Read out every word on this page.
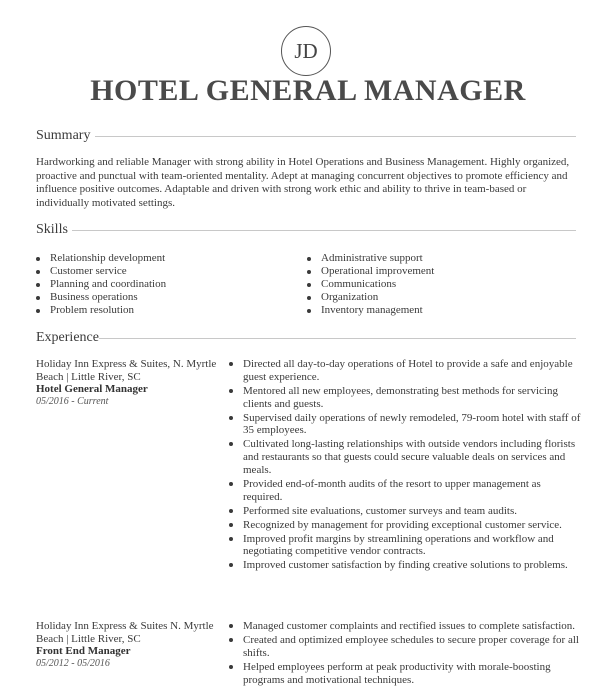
JD
HOTEL GENERAL MANAGER
Summary
Hardworking and reliable Manager with strong ability in Hotel Operations and Business Management. Highly organized, proactive and punctual with team-oriented mentality. Adept at managing concurrent objectives to promote efficiency and influence positive outcomes. Adaptable and driven with strong work ethic and ability to thrive in team-based or individually motivated settings.
Skills
Relationship development
Customer service
Planning and coordination
Business operations
Problem resolution
Administrative support
Operational improvement
Communications
Organization
Inventory management
Experience
Holiday Inn Express & Suites, N. Myrtle Beach | Little River, SC
Hotel General Manager
05/2016 - Current
Directed all day-to-day operations of Hotel to provide a safe and enjoyable guest experience.
Mentored all new employees, demonstrating best methods for servicing clients and guests.
Supervised daily operations of newly remodeled, 79-room hotel with staff of 35 employees.
Cultivated long-lasting relationships with outside vendors including florists and restaurants so that guests could secure valuable deals on services and meals.
Provided end-of-month audits of the resort to upper management as required.
Performed site evaluations, customer surveys and team audits.
Recognized by management for providing exceptional customer service.
Improved profit margins by streamlining operations and workflow and negotiating competitive vendor contracts.
Improved customer satisfaction by finding creative solutions to problems.
Holiday Inn Express & Suites N. Myrtle Beach | Little River, SC
Front End Manager
05/2012 - 05/2016
Managed customer complaints and rectified issues to complete satisfaction.
Created and optimized employee schedules to secure proper coverage for all shifts.
Helped employees perform at peak productivity with morale-boosting programs and motivational techniques.
